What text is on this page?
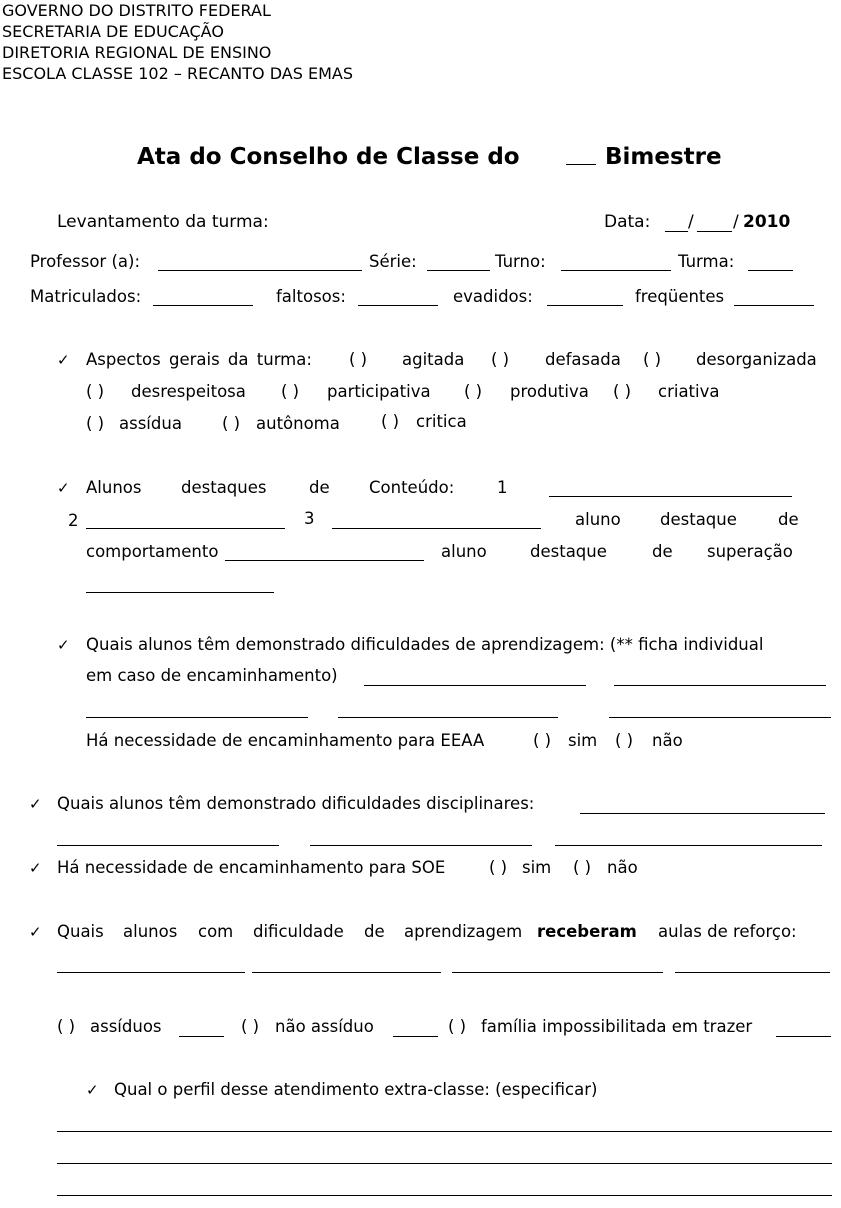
GOVERNO DO DISTRITO FEDERAL
SECRETARIA DE EDUCAÇÃO
DIRETORIA REGIONAL DE ENSINO
ESCOLA CLASSE 102 – RECANTO DAS EMAS
Ata do Conselho de Classe do	Bimestre
Levantamento da turma:	Data: / / 2010
Professor (a):	Série:	Turno:	Turma:
Matriculados:	faltosos:	evadidos:	freqüentes
✓ Aspectos gerais da turma: ( ) agitada ( ) defasada ( ) desorganizada
( ) desrespeitosa ( ) participativa ( ) produtiva ( ) criativa
( ) assídua ( ) autônoma ( ) critica
✓ Alunos destaques	de Conteúdo:	1
2	3	aluno destaque de
comportamento	aluno	destaque	de superação
✓ Quais alunos têm demonstrado dificuldades de aprendizagem: (** ficha individual
em caso de encaminhamento)
Há necessidade de encaminhamento para EEAA	( ) sim ( ) não
✓ Quais alunos têm demonstrado dificuldades disciplinares:
✓ Há necessidade de encaminhamento para SOE	( ) sim ( ) não
✓ Quais alunos com dificuldade de aprendizagem receberam aulas de reforço:
( ) assíduos	( ) não assíduo	( ) família impossibilitada em trazer
✓ Qual o perfil desse atendimento extra-classe: (especificar)
